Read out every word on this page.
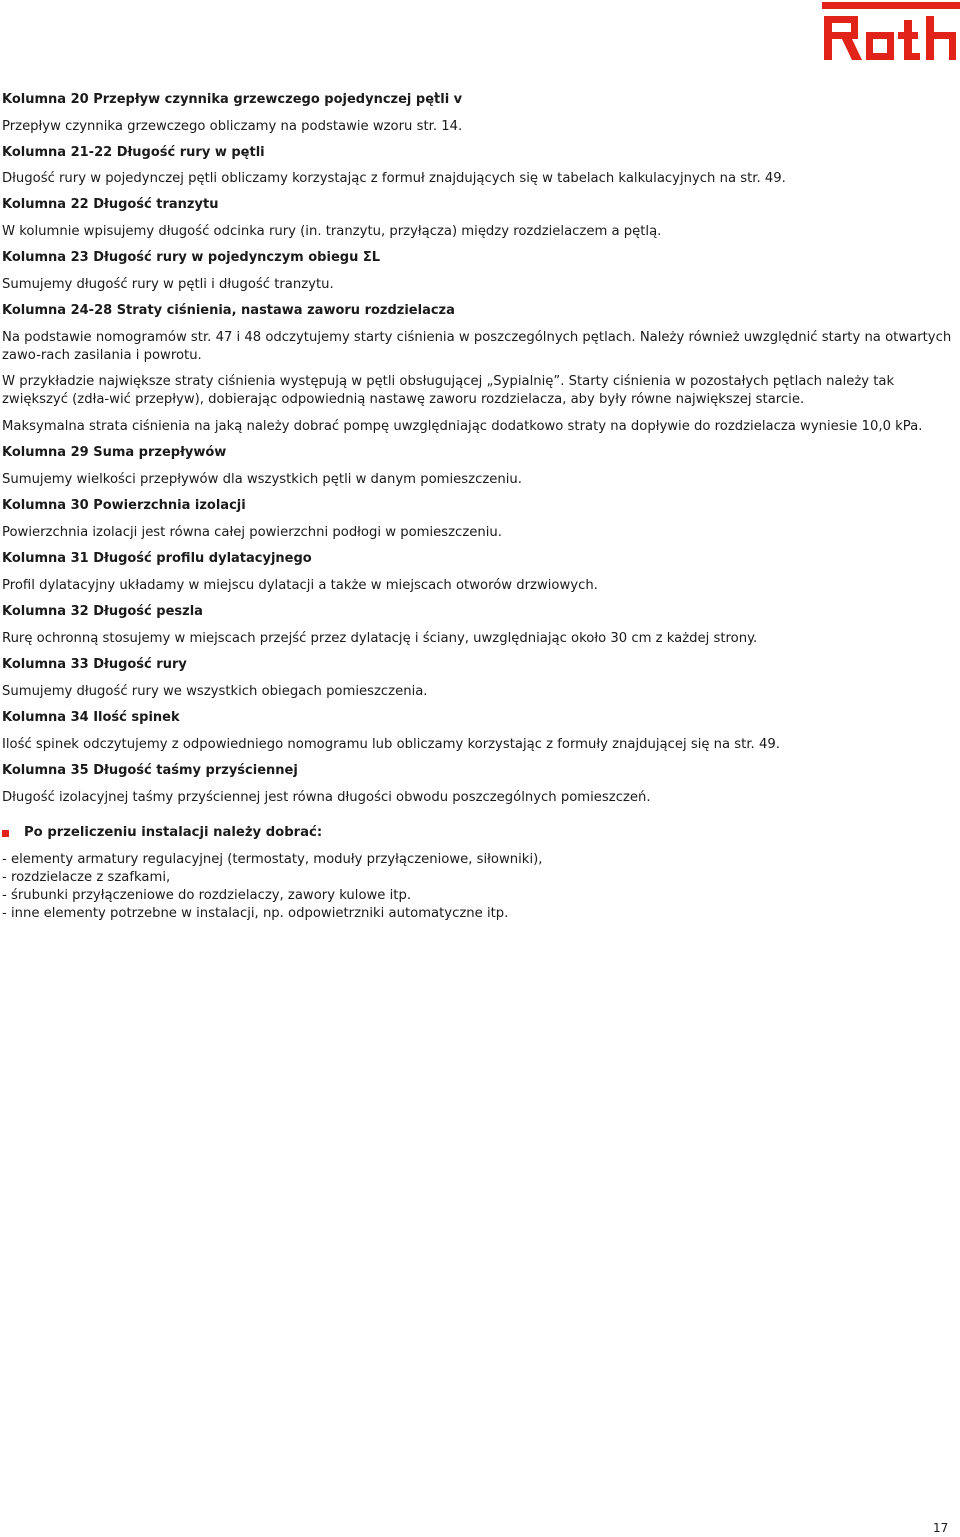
Kolumna 20 Przepływ czynnika grzewczego pojedynczej pętli v

Przepływ czynnika grzewczego obliczamy na podstawie wzoru str. 14.

Kolumna 21-22 Długość rury w pętli

Długość rury w pojedynczej pętli obliczamy korzystając z formuł znajdujących się w tabelach kalkulacyjnych na str. 49.

Kolumna 22 Długość tranzytu

W kolumnie wpisujemy długość odcinka rury (in. tranzytu, przyłącza) między rozdzielaczem a pętlą.

Kolumna 23 Długość rury w pojedynczym obiegu ΣL

Sumujemy długość rury w pętli i długość tranzytu.

Kolumna 24-28 Straty ciśnienia, nastawa zaworu rozdzielacza

Na podstawie nomogramów str. 47 i 48 odczytujemy starty ciśnienia w poszczególnych pętlach. Należy również uwzględnić starty na otwartych zawo-rach zasilania i powrotu.

W przykładzie największe straty ciśnienia występują w pętli obsługującej „Sypialnię”. Starty ciśnienia w pozostałych pętlach należy tak zwiększyć (zdła-wić przepływ), dobierając odpowiednią nastawę zaworu rozdzielacza, aby były równe największej starcie.

Maksymalna strata ciśnienia na jaką należy dobrać pompę uwzględniając dodatkowo straty na dopływie do rozdzielacza wyniesie 10,0 kPa.

Kolumna 29 Suma przepływów

Sumujemy wielkości przepływów dla wszystkich pętli w danym pomieszczeniu.

Kolumna 30 Powierzchnia izolacji

Powierzchnia izolacji jest równa całej powierzchni podłogi w pomieszczeniu.

Kolumna 31 Długość profilu dylatacyjnego

Profil dylatacyjny układamy w miejscu dylatacji a także w miejscach otworów drzwiowych.

Kolumna 32 Długość peszla

Rurę ochronną stosujemy w miejscach przejść przez dylatację i ściany, uwzględniając około 30 cm z każdej strony.

Kolumna 33 Długość rury

Sumujemy długość rury we wszystkich obiegach pomieszczenia.

Kolumna 34 Ilość spinek

Ilość spinek odczytujemy z odpowiedniego nomogramu lub obliczamy korzystając z formuły znajdującej się na str. 49.

Kolumna 35 Długość taśmy przyściennej

Długość izolacyjnej taśmy przyściennej jest równa długości obwodu poszczególnych pomieszczeń.

Po przeliczeniu instalacji należy dobrać:

- elementy armatury regulacyjnej (termostaty, moduły przyłączeniowe, siłowniki),

- rozdzielacze z szafkami,

- śrubunki przyłączeniowe do rozdzielaczy, zawory kulowe itp.

- inne elementy potrzebne w instalacji, np. odpowietrzniki automatyczne itp.

17
